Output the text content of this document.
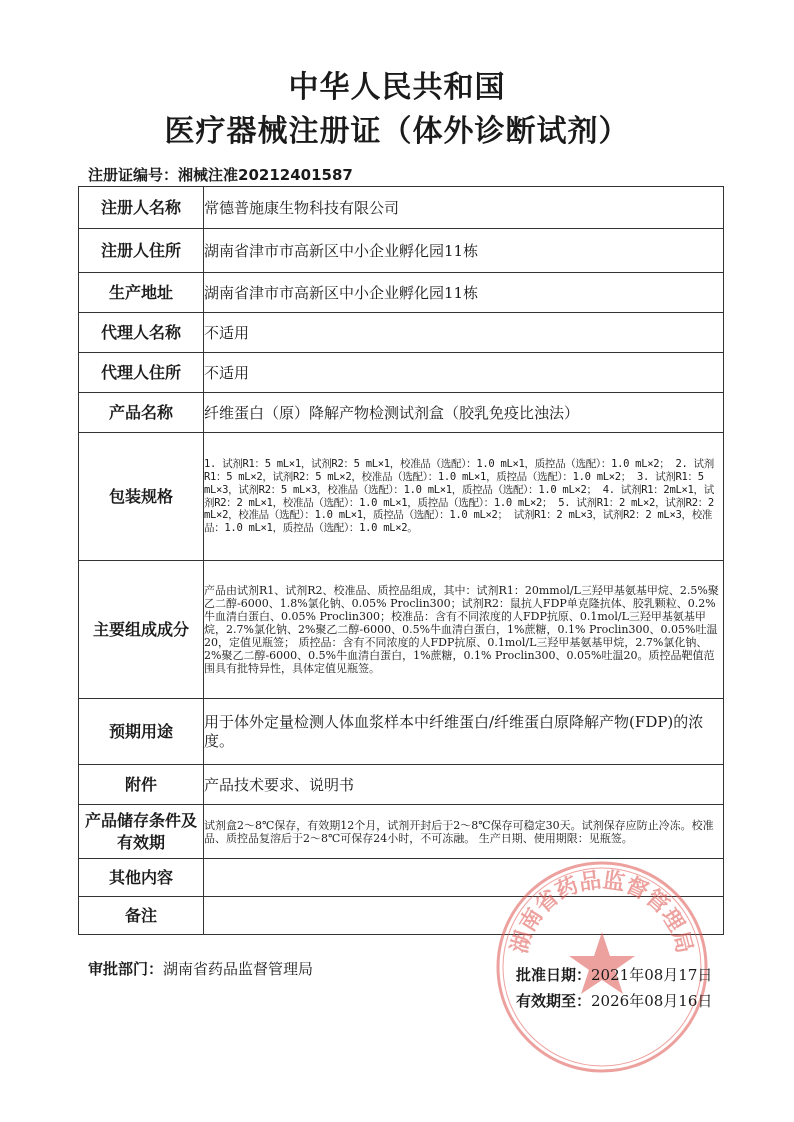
中华人民共和国
医疗器械注册证（体外诊断试剂）
注册证编号：湘械注准20212401587
注册人名称	常德普施康生物科技有限公司
注册人住所	湖南省津市市高新区中小企业孵化园11栋
生产地址	湖南省津市市高新区中小企业孵化园11栋
代理人名称	不适用
代理人住所	不适用
产品名称	纤维蛋白（原）降解产物检测试剂盒（胶乳免疫比浊法）
包装规格	1. 试剂R1：5 mL×1，试剂R2：5 mL×1，校准品（选配）：1.0 mL×1，质控品（选配）：1.0 mL×2； 2. 试剂R1：5 mL×2，试剂R2：5 mL×2，校准品（选配）：1.0 mL×1，质控品（选配）：1.0 mL×2； 3. 试剂R1：5 mL×3，试剂R2：5 mL×3，校准品（选配）：1.0 mL×1，质控品（选配）：1.0 mL×2； 4. 试剂R1：2mL×1，试剂R2：2 mL×1，校准品（选配）：1.0 mL×1，质控品（选配）：1.0 mL×2； 5. 试剂R1：2 mL×2，试剂R2：2 mL×2，校准品（选配）：1.0 mL×1，质控品（选配）：1.0 mL×2； 试剂R1：2 mL×3，试剂R2：2 mL×3，校准品：1.0 mL×1，质控品（选配）：1.0 mL×2。
主要组成成分	产品由试剂R1、试剂R2、校准品、质控品组成，其中：试剂R1：20mmol/L三羟甲基氨基甲烷、2.5%聚乙二醇-6000、1.8%氯化钠、0.05% Proclin300；试剂R2：鼠抗人FDP单克隆抗体、胶乳颗粒、0.2%牛血清白蛋白、0.05% Proclin300；校准品：含有不同浓度的人FDP抗原、0.1mol/L三羟甲基氨基甲烷，2.7%氯化钠、2%聚乙二醇-6000、0.5%牛血清白蛋白，1%蔗糖，0.1% Proclin300、0.05%吐温20，定值见瓶签； 质控品：含有不同浓度的人FDP抗原、0.1mol/L三羟甲基氨基甲烷，2.7%氯化钠、2%聚乙二醇-6000、0.5%牛血清白蛋白，1%蔗糖，0.1% Proclin300、0.05%吐温20。质控品靶值范围具有批特异性，具体定值见瓶签。
预期用途	用于体外定量检测人体血浆样本中纤维蛋白/纤维蛋白原降解产物(FDP)的浓度。
附件	产品技术要求、说明书
产品储存条件及有效期	试剂盒2～8℃保存，有效期12个月，试剂开封后于2～8℃保存可稳定30天。试剂保存应防止冷冻。校准品、质控品复溶后于2～8℃可保存24小时，不可冻融。 生产日期、使用期限：见瓶签。
其他内容	
备注	
审批部门：湖南省药品监督管理局
湖南省药品监督管理局
批准日期：2021年08月17日
有效期至：2026年08月16日
